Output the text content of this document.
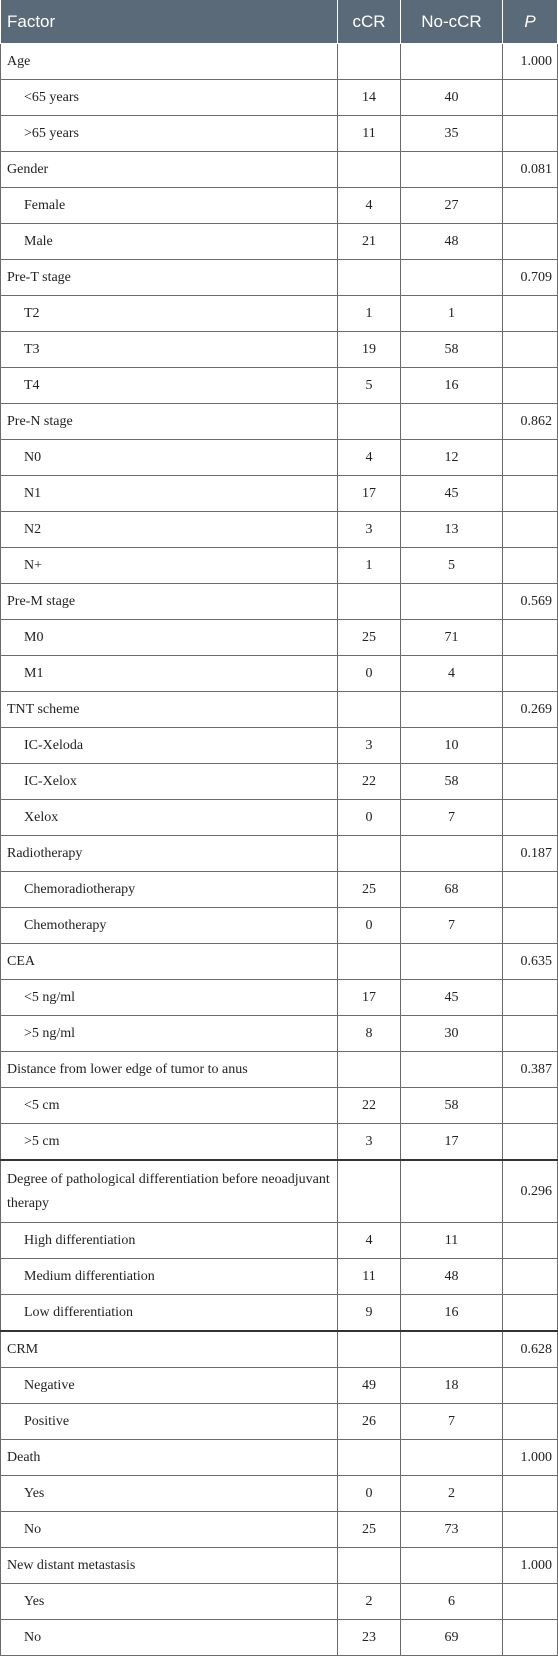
Factor	cCR	No-cCR	P
Age			1.000
<65 years	14	40	
>65 years	11	35	
Gender			0.081
Female	4	27	
Male	21	48	
Pre-T stage			0.709
T2	1	1	
T3	19	58	
T4	5	16	
Pre-N stage			0.862
N0	4	12	
N1	17	45	
N2	3	13	
N+	1	5	
Pre-M stage			0.569
M0	25	71	
M1	0	4	
TNT scheme			0.269
IC-Xeloda	3	10	
IC-Xelox	22	58	
Xelox	0	7	
Radiotherapy			0.187
Chemoradiotherapy	25	68	
Chemotherapy	0	7	
CEA			0.635
<5 ng/ml	17	45	
>5 ng/ml	8	30	
Distance from lower edge of tumor to anus			0.387
<5 cm	22	58	
>5 cm	3	17	
Degree of pathological differentiation before neoadjuvant therapy			0.296
High differentiation	4	11	
Medium differentiation	11	48	
Low differentiation	9	16	
CRM			0.628
Negative	49	18	
Positive	26	7	
Death			1.000
Yes	0	2	
No	25	73	
New distant metastasis			1.000
Yes	2	6	
No	23	69	
